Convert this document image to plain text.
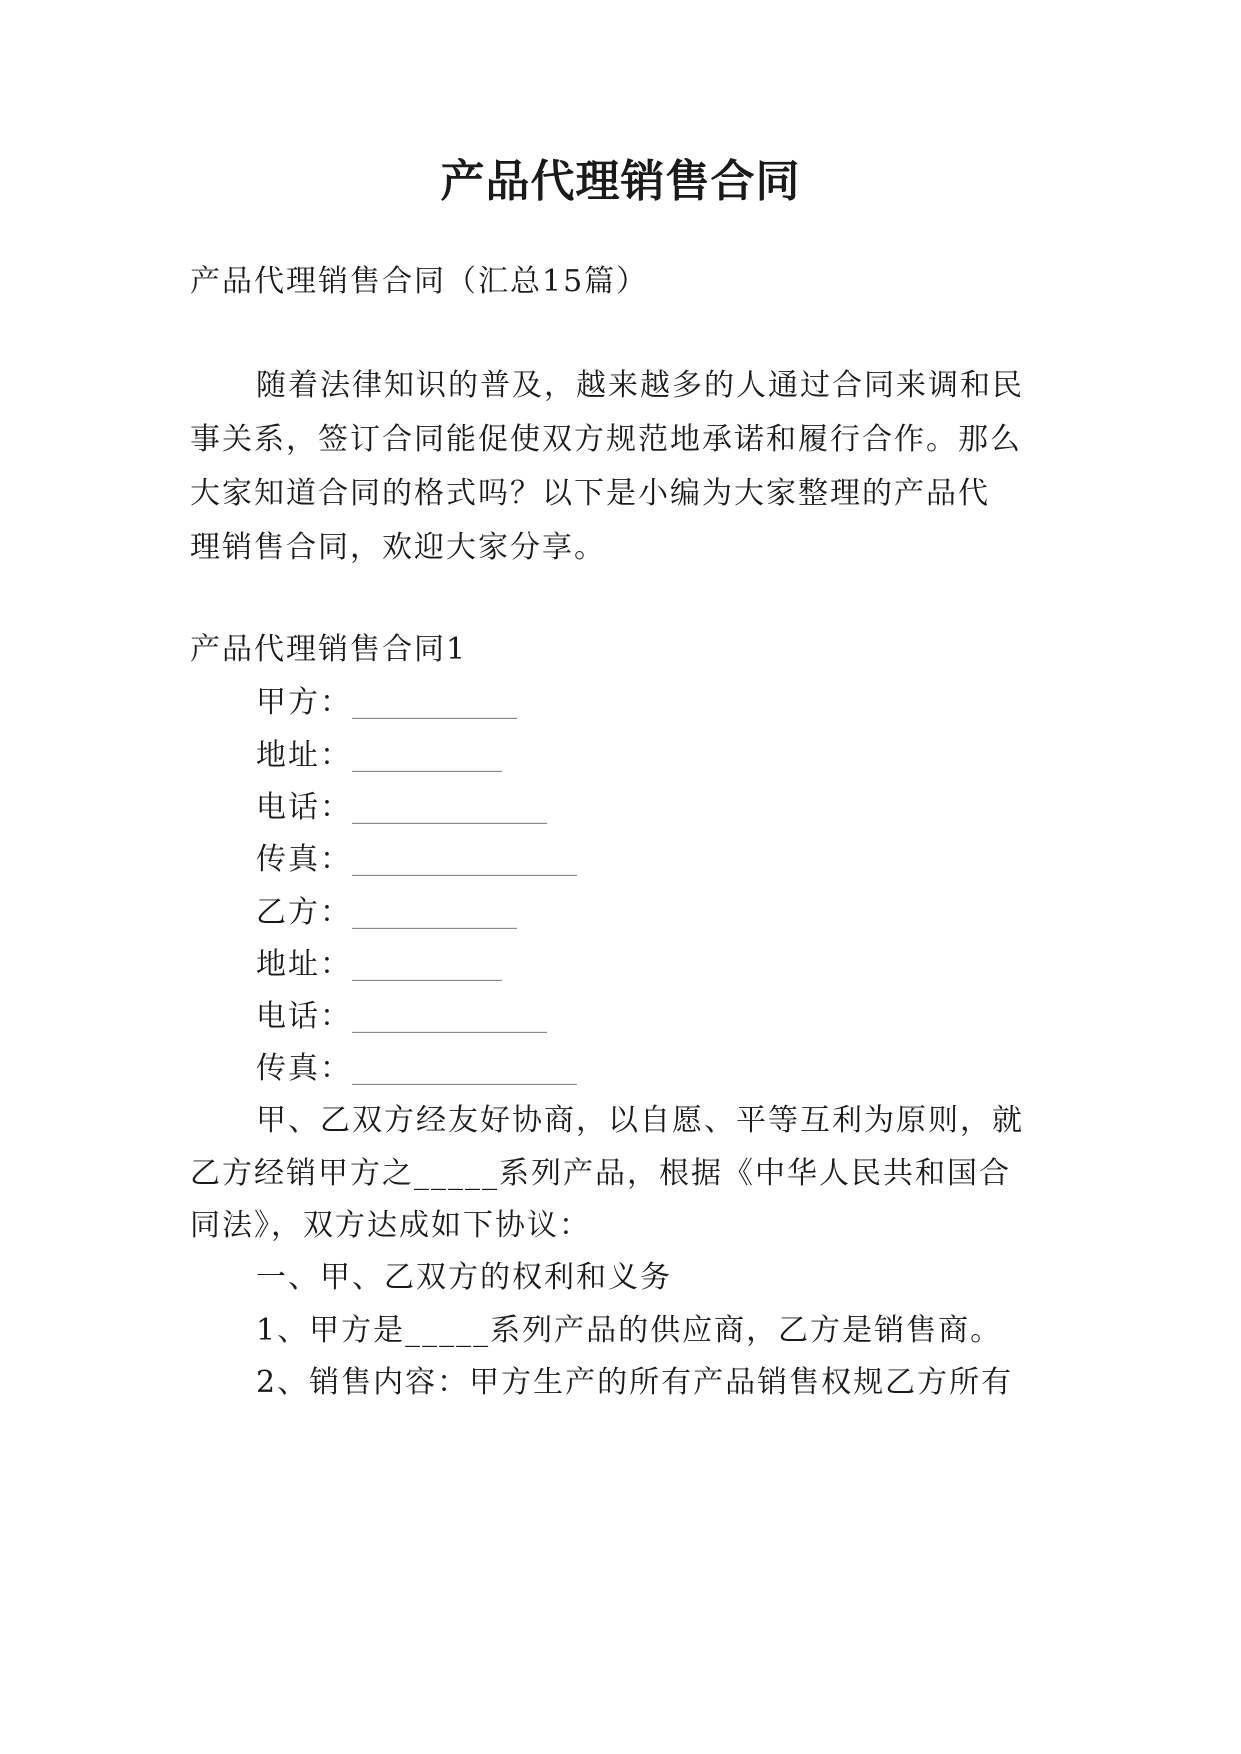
产品代理销售合同
产品代理销售合同（汇总15篇）
随着法律知识的普及，越来越多的人通过合同来调和民
事关系，签订合同能促使双方规范地承诺和履行合作。那么
大家知道合同的格式吗？以下是小编为大家整理的产品代
理销售合同，欢迎大家分享。
产品代理销售合同1
甲方：___________
地址：__________
电话：_____________
传真：_______________
乙方：___________
地址：__________
电话：_____________
传真：_______________
甲、乙双方经友好协商，以自愿、平等互利为原则，就
乙方经销甲方之_____系列产品，根据《中华人民共和国合
同法》，双方达成如下协议：
一、甲、乙双方的权利和义务
1、甲方是_____系列产品的供应商，乙方是销售商。
2、销售内容：甲方生产的所有产品销售权规乙方所有
